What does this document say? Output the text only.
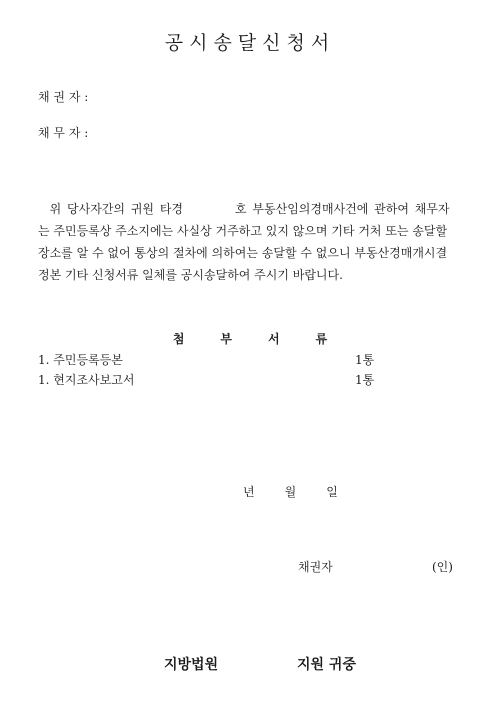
공시송달신청서
채 권 자 :
채 무 자 :
위 당사자간의 귀원 타경	호 부동산임의경매사건에 관하여 채무자
는 주민등록상 주소지에는 사실상 거주하고 있지 않으며 기타 거처 또는 송달할
장소를 알 수 없어 통상의 절차에 의하여는 송달할 수 없으니 부동산경매개시결
정본 기타 신청서류 일체를 공시송달하여 주시기 바랍니다.
첨	부	서	류
1. 주민등록등본	1통
1. 현지조사보고서	1통
년	월	일
채권자	(인)
지방법원	지원 귀중
